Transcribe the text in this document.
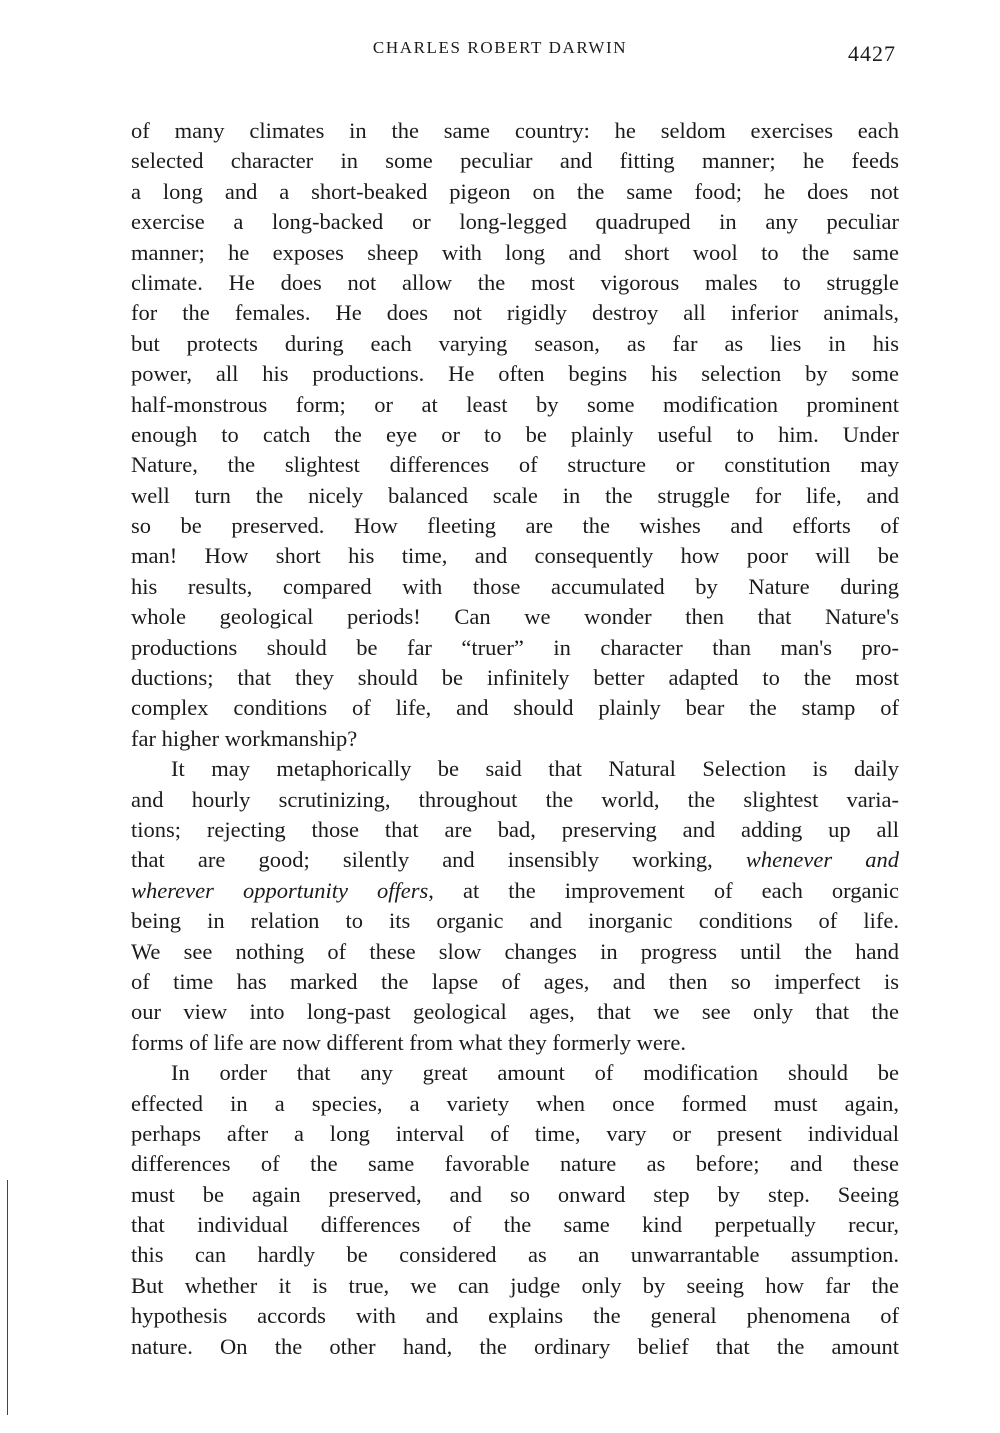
CHARLES ROBERT DARWIN	4427
of many climates in the same country: he seldom exercises each
selected character in some peculiar and fitting manner; he feeds
a long and a short-beaked pigeon on the same food; he does not
exercise a long-backed or long-legged quadruped in any peculiar
manner; he exposes sheep with long and short wool to the same
climate. He does not allow the most vigorous males to struggle
for the females. He does not rigidly destroy all inferior animals,
but protects during each varying season, as far as lies in his
power, all his productions. He often begins his selection by some
half-monstrous form; or at least by some modification prominent
enough to catch the eye or to be plainly useful to him. Under
Nature, the slightest differences of structure or constitution may
well turn the nicely balanced scale in the struggle for life, and
so be preserved. How fleeting are the wishes and efforts of
man! How short his time, and consequently how poor will be
his results, compared with those accumulated by Nature during
whole geological periods! Can we wonder then that Nature's
productions should be far “truer” in character than man's pro-
ductions; that they should be infinitely better adapted to the most
complex conditions of life, and should plainly bear the stamp of
far higher workmanship?
It may metaphorically be said that Natural Selection is daily
and hourly scrutinizing, throughout the world, the slightest varia-
tions; rejecting those that are bad, preserving and adding up all
that are good; silently and insensibly working, whenever and
wherever opportunity offers, at the improvement of each organic
being in relation to its organic and inorganic conditions of life.
We see nothing of these slow changes in progress until the hand
of time has marked the lapse of ages, and then so imperfect is
our view into long-past geological ages, that we see only that the
forms of life are now different from what they formerly were.
In order that any great amount of modification should be
effected in a species, a variety when once formed must again,
perhaps after a long interval of time, vary or present individual
differences of the same favorable nature as before; and these
must be again preserved, and so onward step by step. Seeing
that individual differences of the same kind perpetually recur,
this can hardly be considered as an unwarrantable assumption.
But whether it is true, we can judge only by seeing how far the
hypothesis accords with and explains the general phenomena of
nature. On the other hand, the ordinary belief that the amount
